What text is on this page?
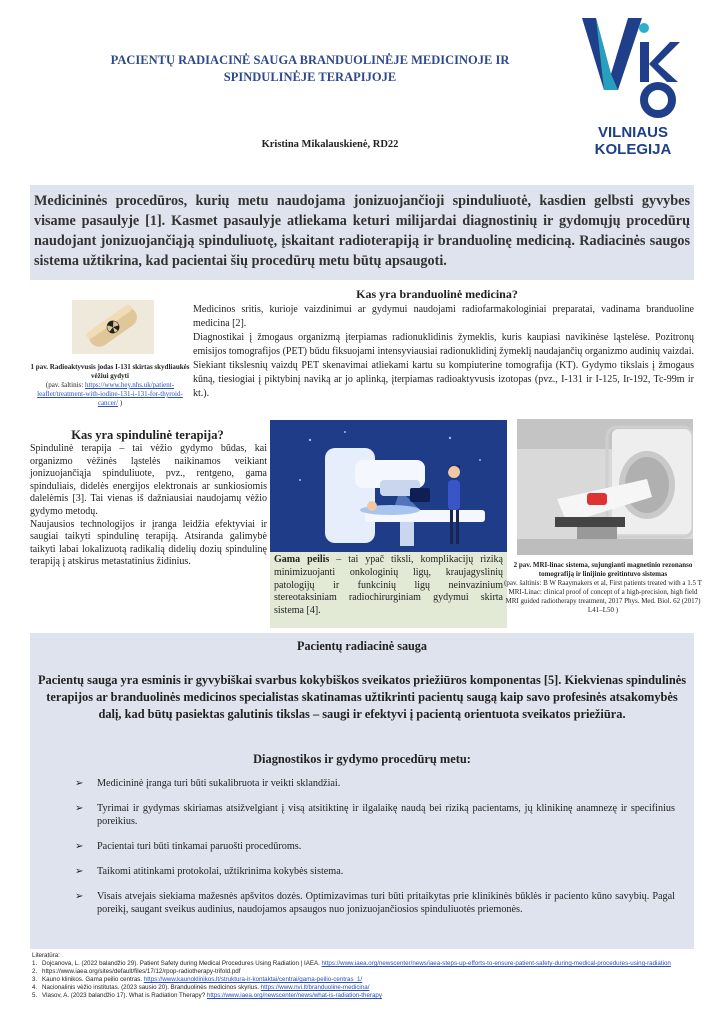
PACIENTŲ RADIACINĖ SAUGA BRANDUOLINĖJE MEDICINOJE IR
SPINDULINĖJE TERAPIJOJE
Kristina Mikalauskienė, RD22
VILNIAUS
KOLEGIJA
Medicininės procedūros, kurių metu naudojama jonizuojančioji spinduliuotė, kasdien gelbsti gyvybes visame pasaulyje [1]. Kasmet pasaulyje atliekama keturi milijardai diagnostinių ir gydomųjų procedūrų naudojant jonizuojančiąją spinduliuotę, įskaitant radioterapiją ir branduolinę mediciną. Radiacinės saugos sistema užtikrina, kad pacientai šių procedūrų metu būtų apsaugoti.
Kas yra branduolinė medicina?

Medicinos sritis, kurioje vaizdinimui ar gydymui naudojami radiofarmakologiniai preparatai, vadinama branduoline medicina [2].

Diagnostikai į žmogaus organizmą įterpiamas radionuklidinis žymeklis, kuris kaupiasi navikinėse ląstelėse. Pozitronų emisijos tomografijos (PET) būdu fiksuojami intensyviausiai radionuklidinį žymeklį naudajančių organizmo audinių vaizdai. Siekiant tikslesnių vaizdų PET skenavimai atliekami kartu su kompiuterine tomografija (KT). Gydymo tikslais į žmogaus kūną, tiesiogiai į piktybinį naviką ar jo aplinką, įterpiamas radioaktyvusis izotopas (pvz., I-131 ir I-125, Ir-192, Tc-99m ir kt.).

1 pav. Radioaktyvusis jodas I-131 skirtas skydliaukės vėžiui gydyti
(pav. šaltinis: https://www.hey.nhs.uk/patient-leaflet/treatment-with-iodine-131-i-131-for-thyroid-cancer/ )
Kas yra spindulinė terapija?

Spindulinė terapija – tai vėžio gydymo būdas, kai organizmo vėžinės ląstelės naikinamos veikiant jonizuojančiąja spinduliuote, pvz., rentgeno, gama spinduliais, didelės energijos elektronais ar sunkiosiomis dalelėmis [3]. Tai vienas iš dažniausiai naudojamų vėžio gydymo metodų.

Naujausios technologijos ir įranga leidžia efektyviai ir saugiai taikyti spindulinę terapiją. Atsiranda galimybė taikyti labai lokalizuotą radikalią didelių dozių spindulinę terapiją į atskirus metastatinius židinius.	Gama peilis – tai ypač tiksli, komplikacijų riziką minimizuojanti onkologinių ligų, kraujagyslinių patologijų ir funkcinių ligų neinvazinium stereotaksiniam radiochirurginiam gydymui skirta sistema [4].
2 pav. MRI-linac sistema, sujungianti magnetinio rezonanso tomografiją ir linijinio greitintuvo sistemas
(pav. šaltinis: B W Raaymakers et al, First patients treated with a 1.5 T MRI-Linac: clinical proof of concept of a high-precision, high field MRI guided radiotherapy treatment, 2017 Phys. Med. Biol. 62 (2017) L41–L50 )
Pacientų radiacinė sauga
Pacientų sauga yra esminis ir gyvybiškai svarbus kokybiškos sveikatos priežiūros komponentas [5]. Kiekvienas spindulinės terapijos ar branduolinės medicinos specialistas skatinamas užtikrinti pacientų saugą kaip savo profesinės atsakomybės dalį, kad būtų pasiektas galutinis tikslas – saugi ir efektyvi į pacientą orientuota sveikatos priežiūra.
Diagnostikos ir gydymo procedūrų metu:
➢ Medicininė įranga turi būti sukalibruota ir veikti sklandžiai.
➢ Tyrimai ir gydymas skiriamas atsižvelgiant į visą atsitiktinę ir ilgalaikę naudą bei riziką pacientams, jų klinikinę anamnezę ir specifinius poreikius.
➢ Pacientai turi būti tinkamai paruošti procedūroms.
➢ Taikomi atitinkami protokolai, užtikrinima kokybės sistema.
➢ Visais atvejais siekiama mažesnės apšvitos dozės. Optimizavimas turi būti pritaikytas prie klinikinės būklės ir paciento kūno savybių. Pagal poreikį, saugant sveikus audinius, naudojamos apsaugos nuo jonizuojančiosios spinduliuotės priemonės.
Literatūra:
1. Dojcanova, L. (2022 balandžio 29). Patient Safety during Medical Procedures Using Radiation | IAEA. https://www.iaea.org/newscenter/news/iaea-steps-up-efforts-to-ensure-patient-safety-during-medical-procedures-using-radiation
2. https://www.iaea.org/sites/default/files/17/12/rpop-radiotherapy-trifold.pdf
3. Kauno klinikos. Gama peilio centras. https://www.kaunoklinikos.lt/struktura-ir-kontaktai/centrai/gama-peilio-centras_1/
4. Nacionalinis vėžio institutas. (2023 sausio 20). Branduolinės medicinos skyrius. https://www.nvi.lt/branduoline-medicina/
5. Vlasov, A. (2023 balandžio 17). What is Radiation Therapy? https://www.iaea.org/newscenter/news/what-is-radiation-therapy
